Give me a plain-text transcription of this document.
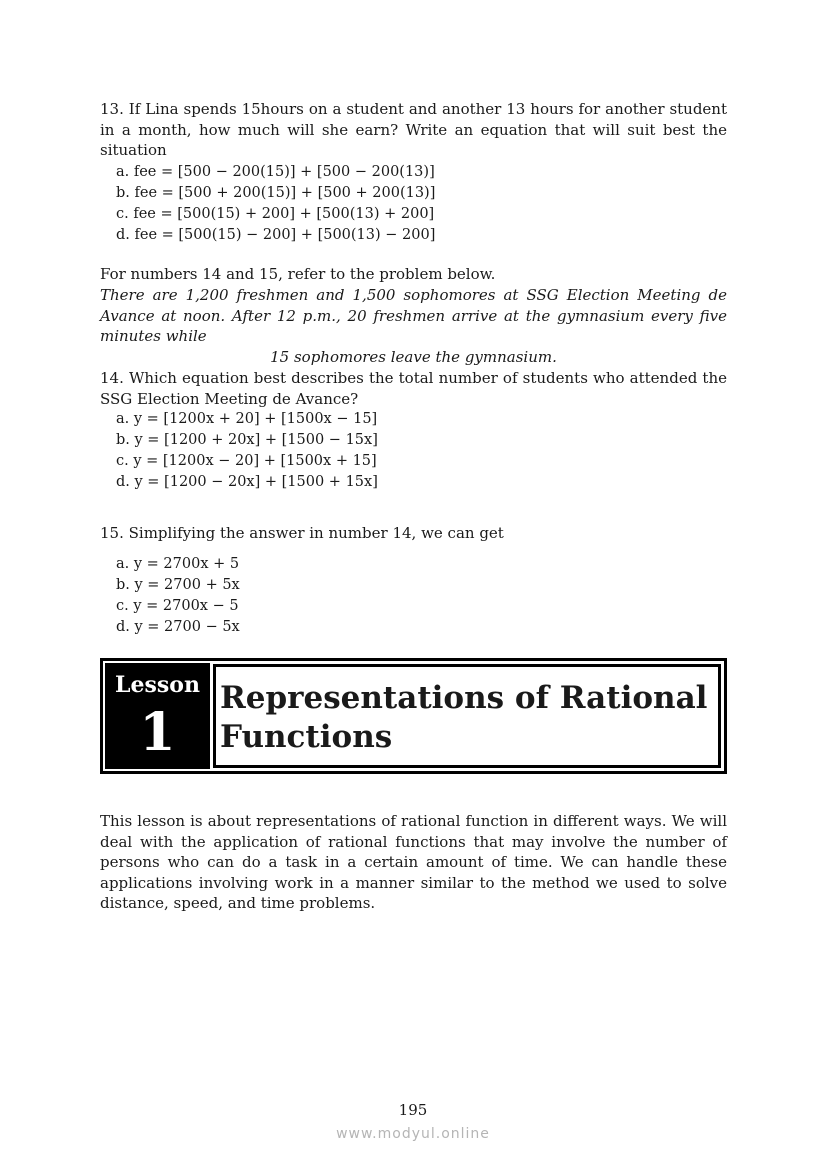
13. If Lina spends 15hours on a student and another 13 hours for another student in a month, how much will she earn? Write an equation that will suit best the situation
a. fee = [500 − 200(15)] + [500 − 200(13)]
b. fee = [500 + 200(15)] + [500 + 200(13)]
c. fee = [500(15) + 200] + [500(13) + 200]
d. fee = [500(15) − 200] + [500(13) − 200]
For numbers 14 and 15, refer to the problem below.
There are 1,200 freshmen and 1,500 sophomores at SSG Election Meeting de Avance at noon. After 12 p.m., 20 freshmen arrive at the gymnasium every five minutes while
15 sophomores leave the gymnasium.
14. Which equation best describes the total number of students who attended the SSG Election Meeting de Avance?
a. y = [1200x + 20] + [1500x − 15]
b. y = [1200 + 20x] + [1500 − 15x]
c. y = [1200x − 20] + [1500x + 15]
d. y = [1200 − 20x] + [1500 + 15x]
15. Simplifying the answer in number 14, we can get
a. y = 2700x + 5
b. y = 2700 + 5x
c. y = 2700x − 5
d. y = 2700 − 5x
Lesson
1
Representations of Rational
Functions
This lesson is about representations of rational function in different ways. We will deal with the application of rational functions that may involve the number of persons who can do a task in a certain amount of time. We can handle these applications involving work in a manner similar to the method we used to solve distance, speed, and time problems.
195
www.modyul.online
